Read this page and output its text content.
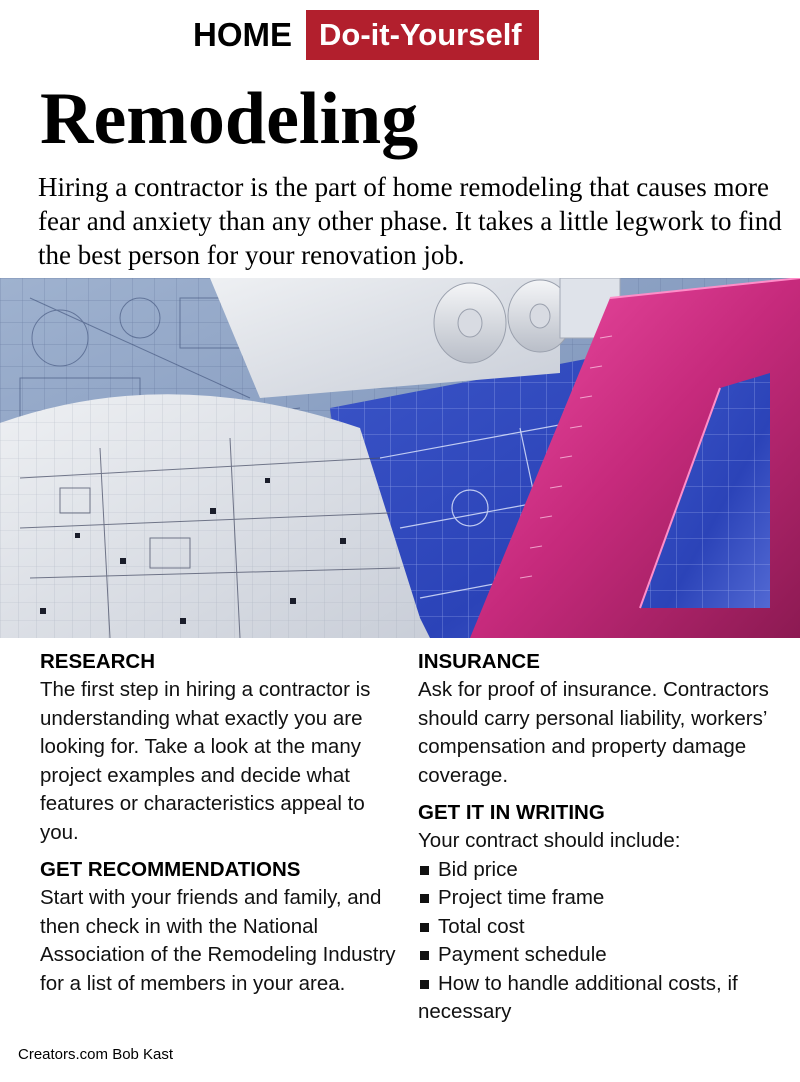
HOME Do-it-Yourself
Remodeling

Hiring a contractor is the part of home remodeling that causes more fear and anxiety than any other phase. It takes a little legwork to find the best person for your renovation job.

RESEARCH

The first step in hiring a contractor is understanding what exactly you are looking for. Take a look at the many project examples and decide what features or characteristics appeal to you.

GET RECOMMENDATIONS

Start with your friends and family, and then check in with the National Association of the Remodeling Industry for a list of members in your area.

INSURANCE

Ask for proof of insurance. Contractors should carry personal liability, workers’ compensation and property damage coverage.

GET IT IN WRITING

Your contract should include:

Bid price
Project time frame
Total cost
Payment schedule
How to handle additional costs, if necessary
Creators.com Bob Kast
